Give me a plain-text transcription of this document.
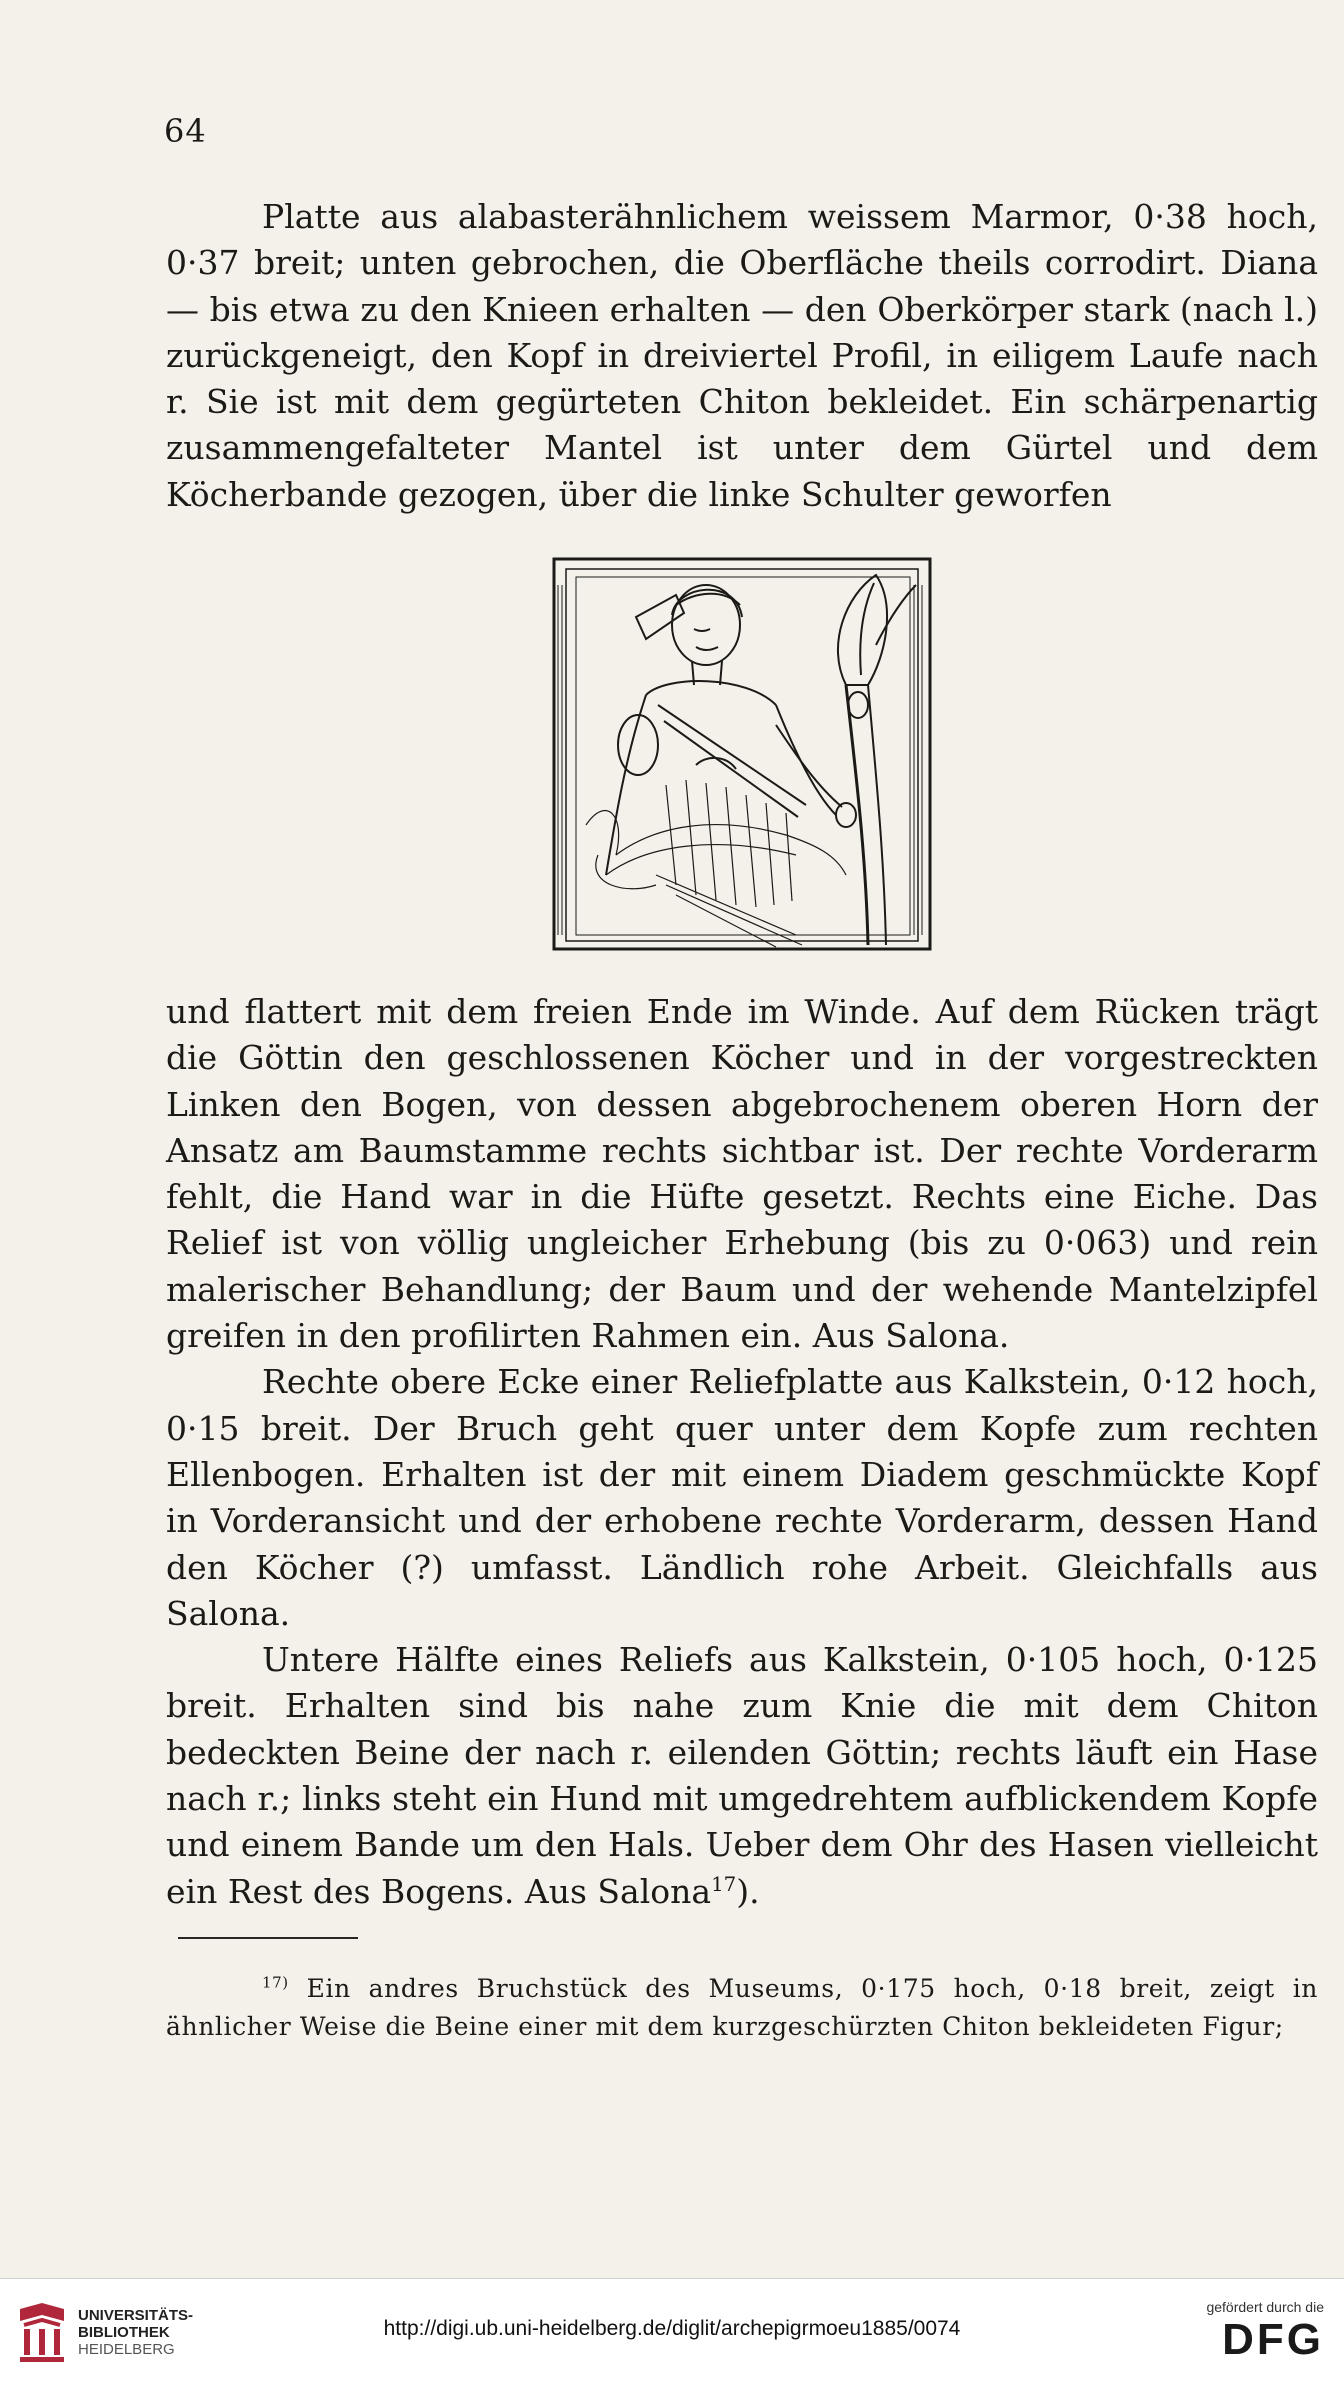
64

Platte aus alabasterähnlichem weissem Marmor, 0·38 hoch, 0·37 breit; unten gebrochen, die Oberfläche theils corrodirt. Diana — bis etwa zu den Knieen erhalten — den Oberkörper stark (nach l.) zurückgeneigt, den Kopf in dreiviertel Profil, in eiligem Laufe nach r. Sie ist mit dem gegürteten Chiton bekleidet. Ein schärpenartig zusammengefalteter Mantel ist unter dem Gürtel und dem Köcherbande gezogen, über die linke Schulter geworfen

und flattert mit dem freien Ende im Winde. Auf dem Rücken trägt die Göttin den geschlossenen Köcher und in der vorgestreckten Linken den Bogen, von dessen abgebrochenem oberen Horn der Ansatz am Baumstamme rechts sichtbar ist. Der rechte Vorderarm fehlt, die Hand war in die Hüfte gesetzt. Rechts eine Eiche. Das Relief ist von völlig ungleicher Erhebung (bis zu 0·063) und rein malerischer Behandlung; der Baum und der wehende Mantelzipfel greifen in den profilirten Rahmen ein. Aus Salona.

Rechte obere Ecke einer Reliefplatte aus Kalkstein, 0·12 hoch, 0·15 breit. Der Bruch geht quer unter dem Kopfe zum rechten Ellenbogen. Erhalten ist der mit einem Diadem geschmückte Kopf in Vorderansicht und der erhobene rechte Vorderarm, dessen Hand den Köcher (?) umfasst. Ländlich rohe Arbeit. Gleichfalls aus Salona.

Untere Hälfte eines Reliefs aus Kalkstein, 0·105 hoch, 0·125 breit. Erhalten sind bis nahe zum Knie die mit dem Chiton bedeckten Beine der nach r. eilenden Göttin; rechts läuft ein Hase nach r.; links steht ein Hund mit umgedrehtem aufblickendem Kopfe und einem Bande um den Hals. Ueber dem Ohr des Hasen vielleicht ein Rest des Bogens. Aus Salona$^{17}$).

$^{17)}$ Ein andres Bruchstück des Museums, 0·175 hoch, 0·18 breit, zeigt in ähnlicher Weise die Beine einer mit dem kurzgeschürzten Chiton bekleideten Figur;

UNIVERSITÄTS-
BIBLIOTHEK
HEIDELBERG
http://digi.ub.uni-heidelberg.de/diglit/archepigrmoeu1885/0074
gefördert durch die
DFG
